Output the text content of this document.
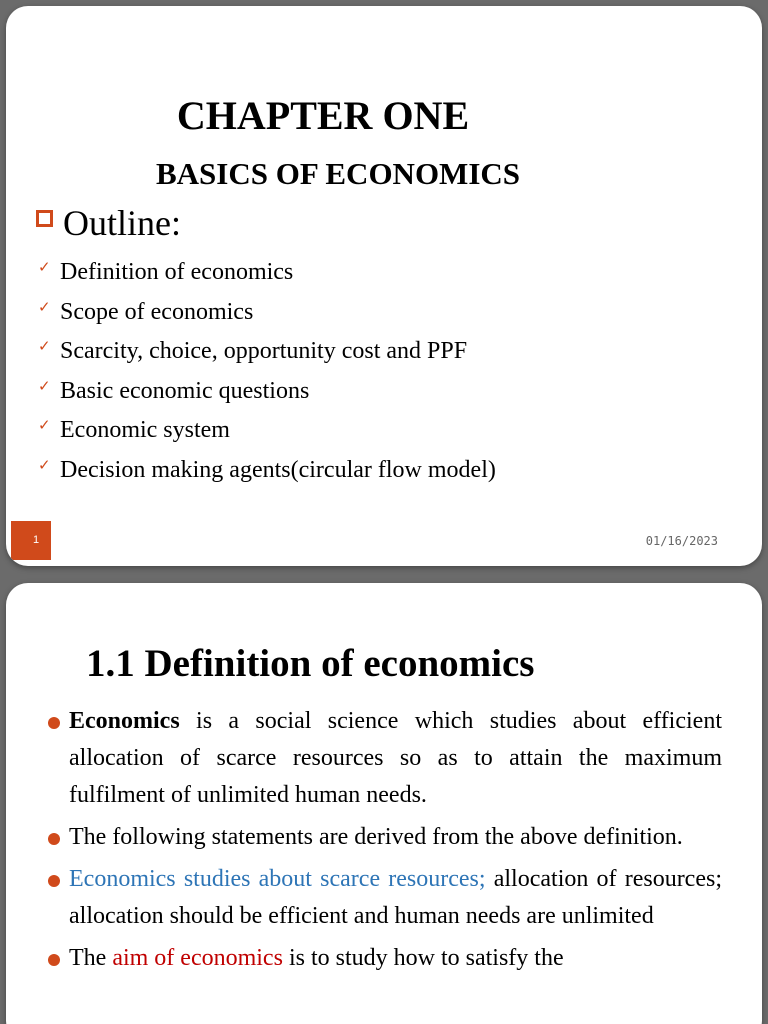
CHAPTER ONE
BASICS OF ECONOMICS
Outline:
✓ Definition of economics
✓ Scope of economics
✓ Scarcity, choice, opportunity cost and PPF
✓ Basic economic questions
✓ Economic system
✓ Decision making agents(circular flow model)
1	01/16/2023
1.1 Definition of economics
Economics is a social science which studies about efficient allocation of scarce resources so as to attain the maximum fulfilment of unlimited human needs.
The following statements are derived from the above definition.
Economics studies about scarce resources; allocation of resources; allocation should be efficient and human needs are unlimited
The aim of economics is to study how to satisfy the
